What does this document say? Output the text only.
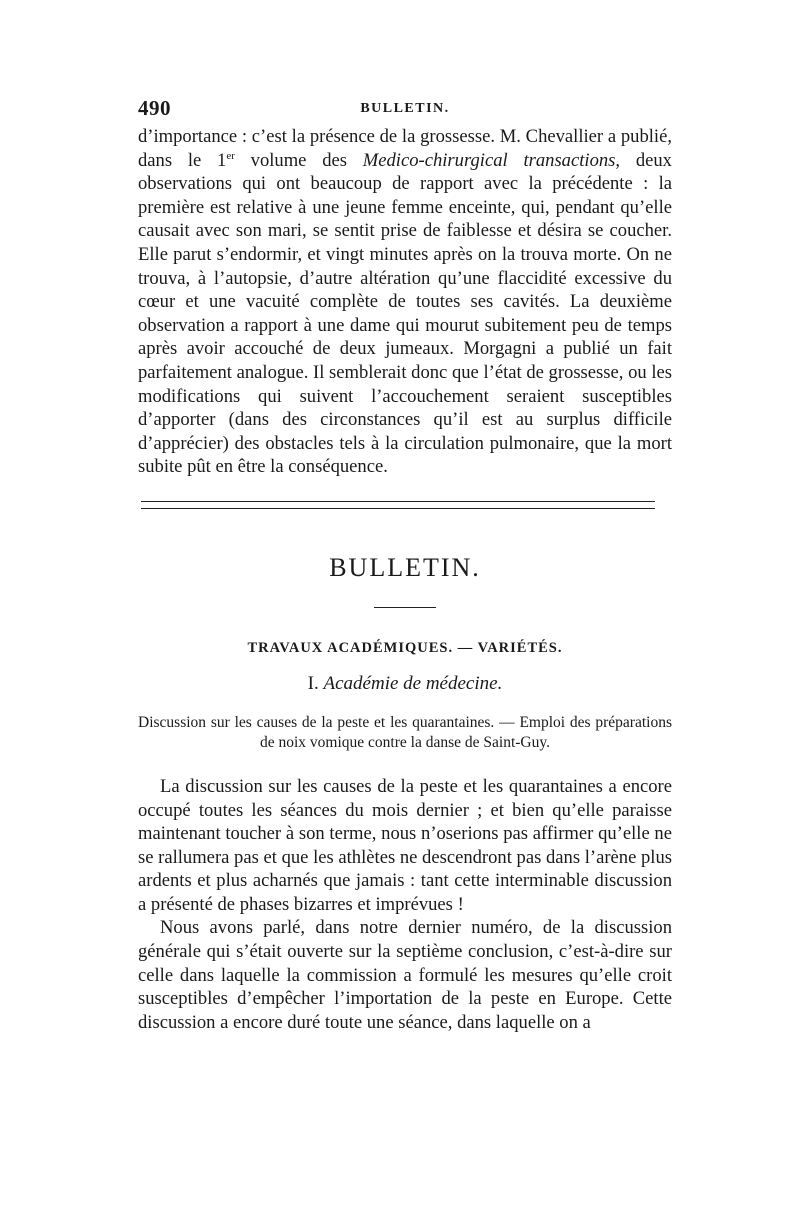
490	BULLETIN.

d’importance : c’est la présence de la grossesse. M. Chevallier a publié, dans le 1er volume des Medico-chirurgical transactions, deux observations qui ont beaucoup de rapport avec la précédente : la première est relative à une jeune femme enceinte, qui, pendant qu’elle causait avec son mari, se sentit prise de faiblesse et désira se coucher. Elle parut s’endormir, et vingt minutes après on la trouva morte. On ne trouva, à l’autopsie, d’autre altération qu’une flaccidité excessive du cœur et une vacuité complète de toutes ses cavités. La deuxième observation a rapport à une dame qui mourut subitement peu de temps après avoir accouché de deux jumeaux. Morgagni a publié un fait parfaitement analogue. Il semblerait donc que l’état de grossesse, ou les modifications qui suivent l’accouchement seraient susceptibles d’apporter (dans des circonstances qu’il est au surplus difficile d’apprécier) des obstacles tels à la circulation pulmonaire, que la mort subite pût en être la conséquence.

BULLETIN.
TRAVAUX ACADÉMIQUES. — VARIÉTÉS.
I. Académie de médecine.

Discussion sur les causes de la peste et les quarantaines. — Emploi des préparations de noix vomique contre la danse de Saint-Guy.

La discussion sur les causes de la peste et les quarantaines a encore occupé toutes les séances du mois dernier ; et bien qu’elle paraisse maintenant toucher à son terme, nous n’oserions pas affirmer qu’elle ne se rallumera pas et que les athlètes ne descendront pas dans l’arène plus ardents et plus acharnés que jamais : tant cette interminable discussion a présenté de phases bizarres et imprévues !

Nous avons parlé, dans notre dernier numéro, de la discussion générale qui s’était ouverte sur la septième conclusion, c’est-à-dire sur celle dans laquelle la commission a formulé les mesures qu’elle croit susceptibles d’empêcher l’importation de la peste en Europe. Cette discussion a encore duré toute une séance, dans laquelle on a
